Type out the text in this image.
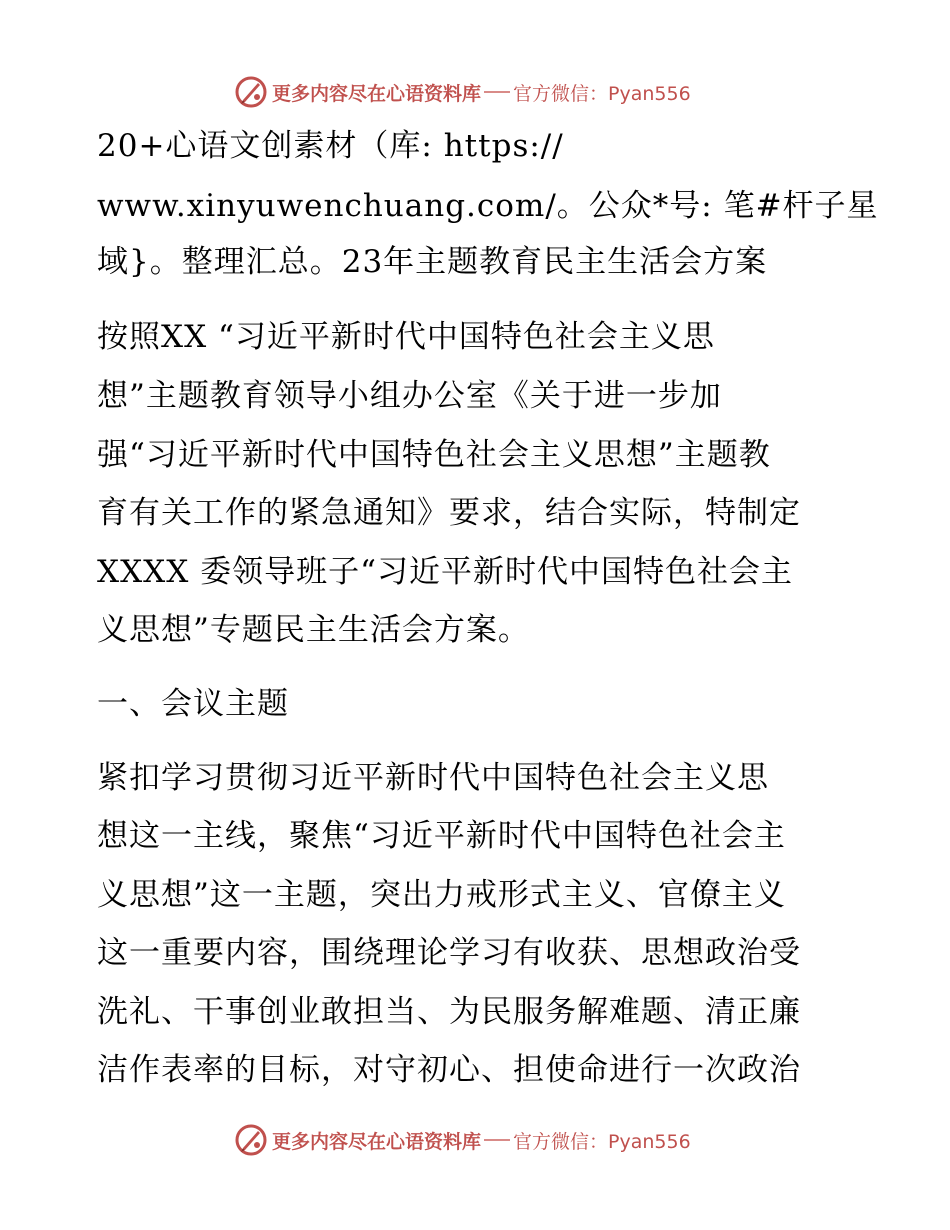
更多内容尽在心语资料库 官方微信：Pyan556
20+心语文创素材（库: https://
www.xinyuwenchuang.com/。公众*号: 笔#杆子星
域}。整理汇总。23年主题教育民主生活会方案
按照XX “习近平新时代中国特色社会主义思
想”主题教育领导小组办公室《关于进一步加
强“习近平新时代中国特色社会主义思想”主题教
育有关工作的紧急通知》要求，结合实际，特制定
XXXX 委领导班子“习近平新时代中国特色社会主
义思想”专题民主生活会方案。
一、会议主题
紧扣学习贯彻习近平新时代中国特色社会主义思
想这一主线，聚焦“习近平新时代中国特色社会主
义思想”这一主题，突出力戒形式主义、官僚主义
这一重要内容，围绕理论学习有收获、思想政治受
洗礼、干事创业敢担当、为民服务解难题、清正廉
洁作表率的目标，对守初心、担使命进行一次政治
更多内容尽在心语资料库 官方微信：Pyan556
